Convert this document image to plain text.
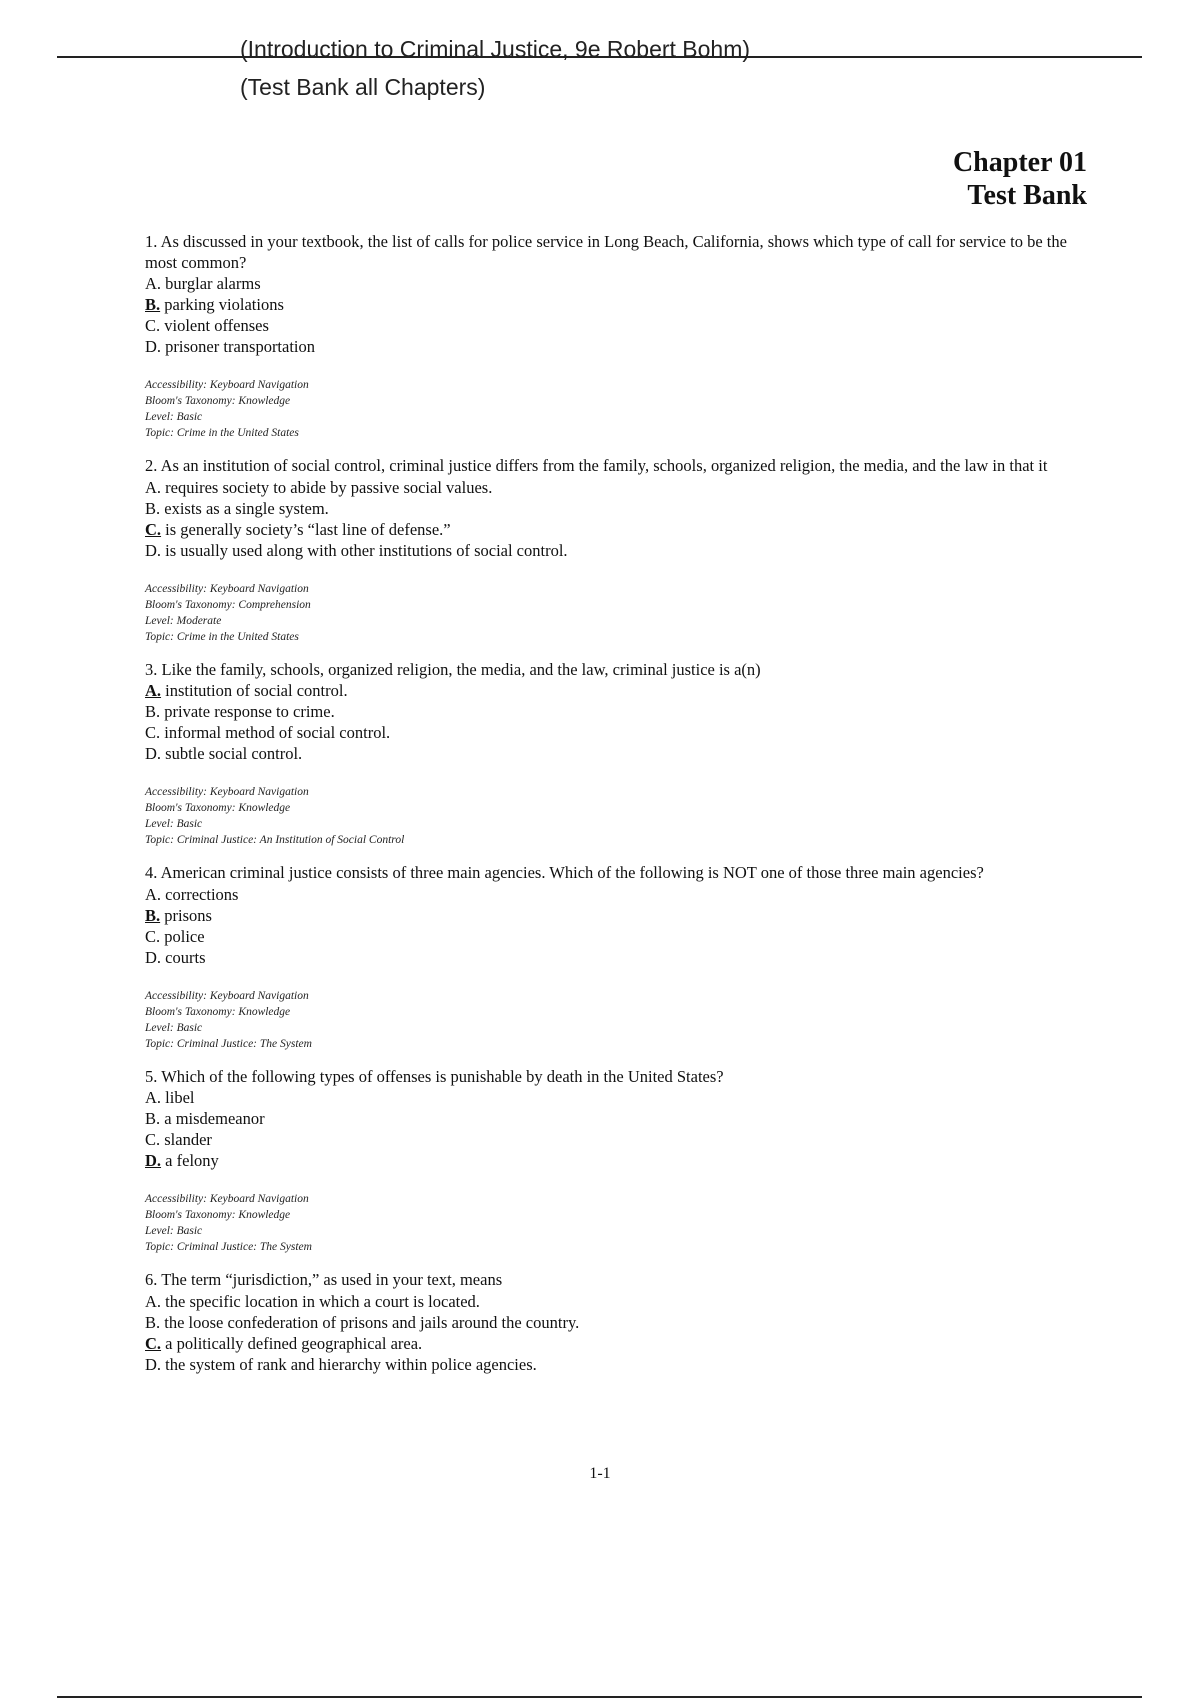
(Introduction to Criminal Justice, 9e Robert Bohm)
(Test Bank all Chapters)
Chapter 01
Test Bank
1. As discussed in your textbook, the list of calls for police service in Long Beach, California, shows which type of call for service to be the most common?
A. burglar alarms
B. parking violations
C. violent offenses
D. prisoner transportation
Accessibility: Keyboard Navigation
Bloom's Taxonomy: Knowledge
Level: Basic
Topic: Crime in the United States
2. As an institution of social control, criminal justice differs from the family, schools, organized religion, the media, and the law in that it
A. requires society to abide by passive social values.
B. exists as a single system.
C. is generally society’s “last line of defense.”
D. is usually used along with other institutions of social control.
Accessibility: Keyboard Navigation
Bloom's Taxonomy: Comprehension
Level: Moderate
Topic: Crime in the United States
3. Like the family, schools, organized religion, the media, and the law, criminal justice is a(n)
A. institution of social control.
B. private response to crime.
C. informal method of social control.
D. subtle social control.
Accessibility: Keyboard Navigation
Bloom's Taxonomy: Knowledge
Level: Basic
Topic: Criminal Justice: An Institution of Social Control
4. American criminal justice consists of three main agencies. Which of the following is NOT one of those three main agencies?
A. corrections
B. prisons
C. police
D. courts
Accessibility: Keyboard Navigation
Bloom's Taxonomy: Knowledge
Level: Basic
Topic: Criminal Justice: The System
5. Which of the following types of offenses is punishable by death in the United States?
A. libel
B. a misdemeanor
C. slander
D. a felony
Accessibility: Keyboard Navigation
Bloom's Taxonomy: Knowledge
Level: Basic
Topic: Criminal Justice: The System
6. The term “jurisdiction,” as used in your text, means
A. the specific location in which a court is located.
B. the loose confederation of prisons and jails around the country.
C. a politically defined geographical area.
D. the system of rank and hierarchy within police agencies.
1-1
